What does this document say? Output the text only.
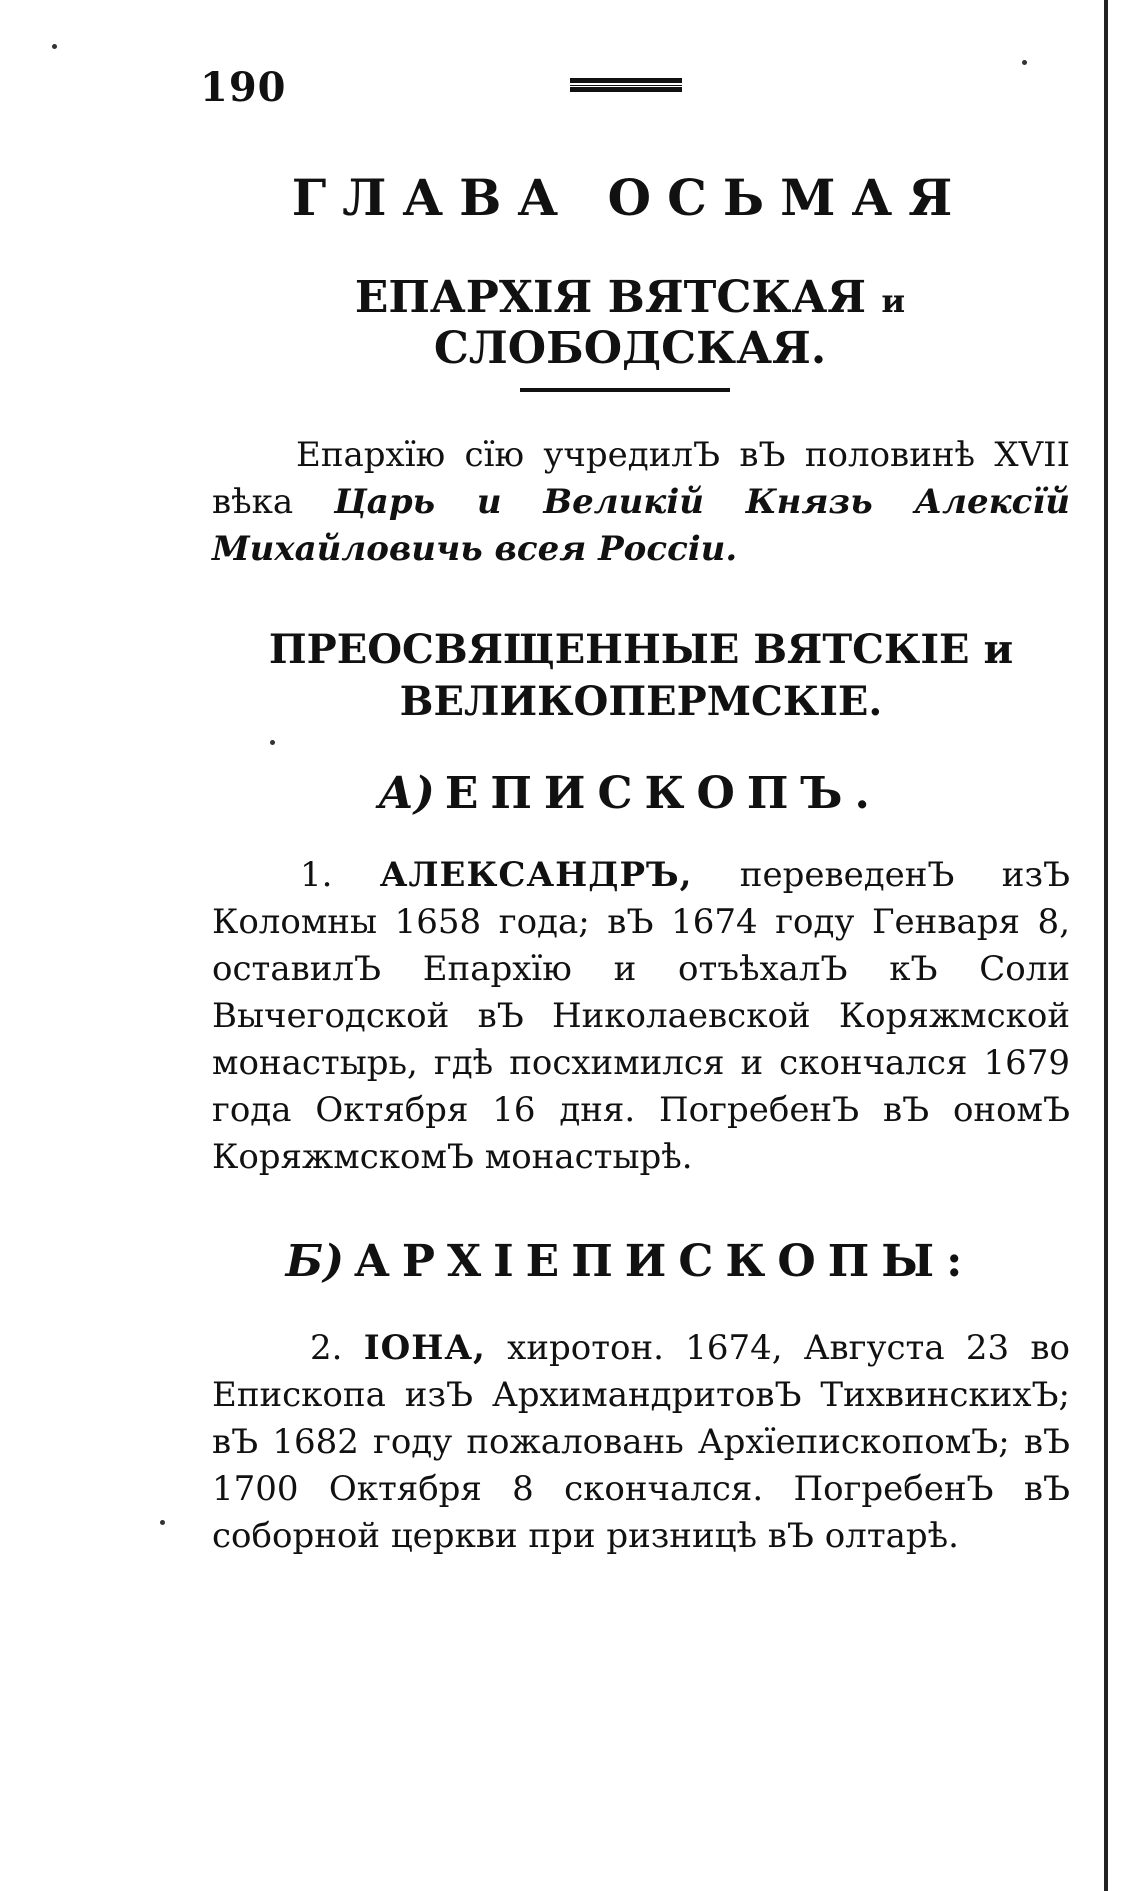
190
ГЛАВА ОСЬМАЯ
ЕПАРХІЯ ВЯТСКАЯ и СЛОБОДСКАЯ.

Епархїю сїю учредилЪ вЪ половинѣ XVII вѣка Царь и Великій Князь Алексїй Михайловичь всея Россіи.

ПРЕОСВЯЩЕННЫЕ ВЯТСКІЕ и ВЕЛИКОПЕРМСКІЕ.
А) ЕПИСКОПЪ.

1. АЛЕКСАНДРЪ, переведенЪ изЪ Коломны 1658 года; вЪ 1674 году Генваря 8, оставилЪ Епархїю и отъѣхалЪ кЪ Соли Вычегодской вЪ Николаевской Коряжмской монастырь, гдѣ посхимился и скончался 1679 года Октября 16 дня. ПогребенЪ вЪ ономЪ КоряжмскомЪ монастырѣ.

Б) АРХІЕПИСКОПЫ:

2. ІОНА, хиротон. 1674, Августа 23 во Епископа изЪ АрхимандритовЪ ТихвинскихЪ; вЪ 1682 году пожаловань АрхїепископомЪ; вЪ 1700 Октября 8 скончался. ПогребенЪ вЪ соборной церкви при ризницѣ вЪ олтарѣ.
